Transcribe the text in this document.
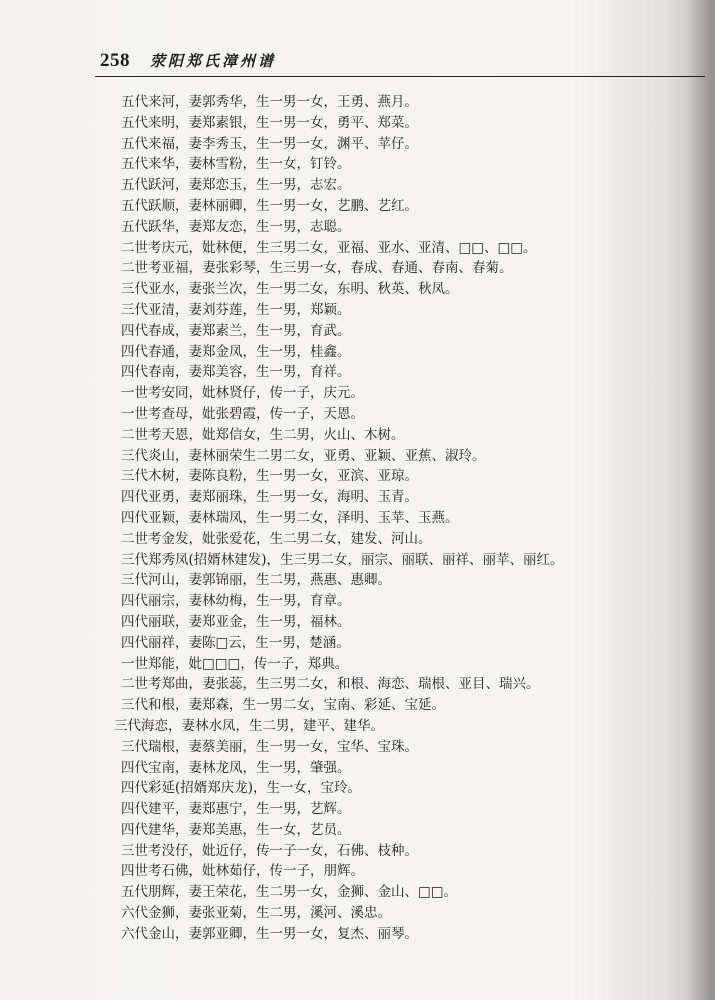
258 荥阳郑氏漳州谱
五代来河，妻郭秀华，生一男一女，王勇、燕月。
五代来明，妻郑素银，生一男一女，勇平、郑菜。
五代来福，妻李秀玉，生一男一女，渊平、苹仔。
五代来华，妻林雪粉，生一女，钉铃。
五代跃河，妻郑恋玉，生一男，志宏。
五代跃顺，妻林丽卿，生一男一女，艺鹏、艺红。
五代跃华，妻郑友恋，生一男，志聪。
二世考庆元，妣林便，生三男二女，亚福、亚水、亚清、□□、□□。
二世考亚福，妻张彩琴，生三男一女，春成、春通、春南、春菊。
三代亚水，妻张兰次，生一男二女，东明、秋英、秋凤。
三代亚清，妻刘芬莲，生一男，郑颖。
四代春成，妻郑素兰，生一男，育武。
四代春通，妻郑金凤，生一男，桂鑫。
四代春南，妻郑美容，生一男，育祥。
一世考安同，妣林贤仔，传一子，庆元。
一世考查母，妣张碧霞，传一子，天恩。
二世考天恩，妣郑信女，生二男，火山、木树。
三代炎山，妻林丽荣生二男二女，亚勇、亚颖、亚蕉、淑玲。
三代木树，妻陈良粉，生一男一女，亚滨、亚琼。
四代亚勇，妻郑丽珠，生一男一女，海明、玉青。
四代亚颖，妻林瑞凤，生一男二女，泽明、玉苹、玉燕。
二世考金发，妣张爱花，生二男二女，建发、河山。
三代郑秀凤(招婿林建发)，生三男二女，丽宗、丽联、丽祥、丽苹、丽红。
三代河山，妻郭锦丽，生二男，燕惠、惠卿。
四代丽宗，妻林幼梅，生一男，育章。
四代丽联，妻郑亚金，生一男，福林。
四代丽祥，妻陈□云，生一男，楚涵。
一世郑能，妣□□□，传一子，郑典。
二世考郑曲，妻张蕊，生三男二女，和根、海恋、瑞根、亚目、瑞兴。
三代和根，妻郑森，生一男二女，宝南、彩延、宝延。
三代海恋，妻林水凤，生二男，建平、建华。
三代瑞根，妻蔡美丽，生一男一女，宝华、宝珠。
四代宝南，妻林龙凤，生一男，肇强。
四代彩延(招婿郑庆龙)，生一女，宝玲。
四代建平，妻郑惠宁，生一男，艺辉。
四代建华，妻郑美惠，生一女，艺员。
三世考没仔，妣近仔，传一子一女，石佛、枝种。
四世考石佛，妣林茹仔，传一子，朋辉。
五代朋辉，妻王荣花，生二男一女，金狮、金山、□□。
六代金狮，妻张亚菊，生二男，溪河、溪忠。
六代金山，妻郭亚卿，生一男一女，复杰、丽琴。
